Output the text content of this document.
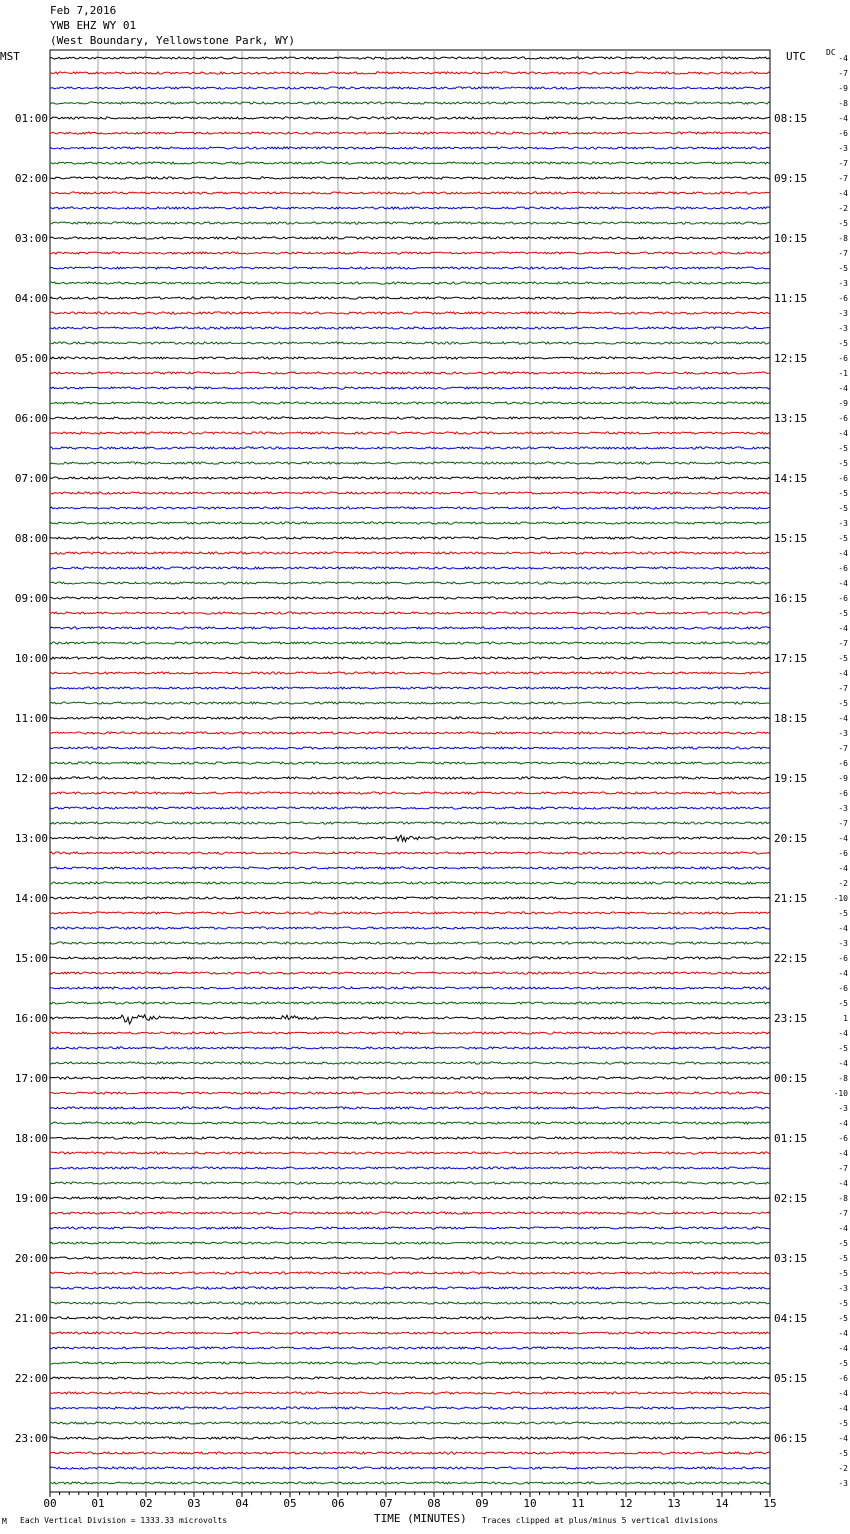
Feb 7,2016
YWB EHZ WY 01
(West Boundary, Yellowstone Park, WY)
MST	UTC	DC
00	01	02	03	04	05	06	07	08	09	10	11	12	13	14	15
-4
-7
-9
-8
-4
01:00	08:15
-6
-3
-7
-7
02:00	09:15
-4
-2
-5
-8
03:00	10:15
-7
-5
-3
-6
04:00	11:15
-3
-3
-5
-6
05:00	12:15
-1
-4
-9
-6
06:00	13:15
-4
-5
-5
-6
07:00	14:15
-5
-5
-3
-5
08:00	15:15
-4
-6
-4
-6
09:00	16:15
-5
-4
-7
-5
10:00	17:15
-4
-7
-5
-4
11:00	18:15
-3
-7
-6
-9
12:00	19:15
-6
-3
-7
-4
13:00	20:15
-6
-4
-2
-10
14:00	21:15
-5
-4
-3
-6
15:00	22:15
-4
-6
-5
1
16:00	23:15
-4
-5
-4
-8
17:00	00:15
-10
-3
-4
-6
18:00	01:15
-4
-7
-4
-8
19:00	02:15
-7
-4
-5
-5
20:00	03:15
-5
-3
-5
-5
21:00	04:15
-4
-4
-5
-6
22:00	05:15
-4
-4
-5
-4
23:00	06:15
-5
-2
-3
M Each Vertical Division = 1333.33 microvolts	TIME (MINUTES) Traces clipped at plus/minus 5 vertical divisions
